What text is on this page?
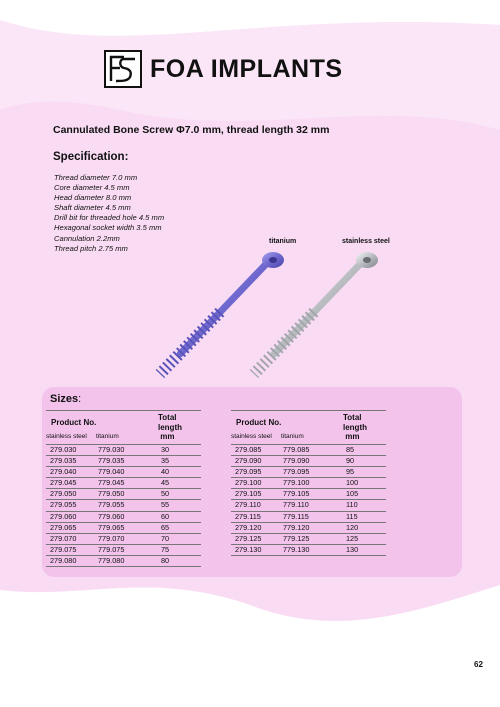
FOA IMPLANTS
Cannulated Bone Screw Φ7.0 mm, thread length 32 mm
Specification:
Thread diameter 7.0 mm
Core diameter 4.5 mm
Head diameter 8.0 mm
Shaft diameter 4.5 mm
Drill bit for threaded hole 4.5 mm
Hexagonal socket width 3.5 mm
Cannulation 2.2mm
Thread pitch 2.75 mm
titanium	stainless steel
Sizes:
Product No.
Total
length
mm
stainless steel titanium
279.030	779.030	30
279.035	779.035	35
279.040	779.040	40
279.045	779.045	45
279.050	779.050	50
279.055	779.055	55
279.060	779.060	60
279.065	779.065	65
279.070	779.070	70
279.075	779.075	75
279.080	779.080	80
Product No.
Total
length
mm
stainless steel titanium
279.085	779.085	85
279.090	779.090	90
279.095	779.095	95
279.100	779.100	100
279.105	779.105	105
279.110	779.110	110
279.115	779.115	115
279.120	779.120	120
279.125	779.125	125
279.130	779.130	130
62
